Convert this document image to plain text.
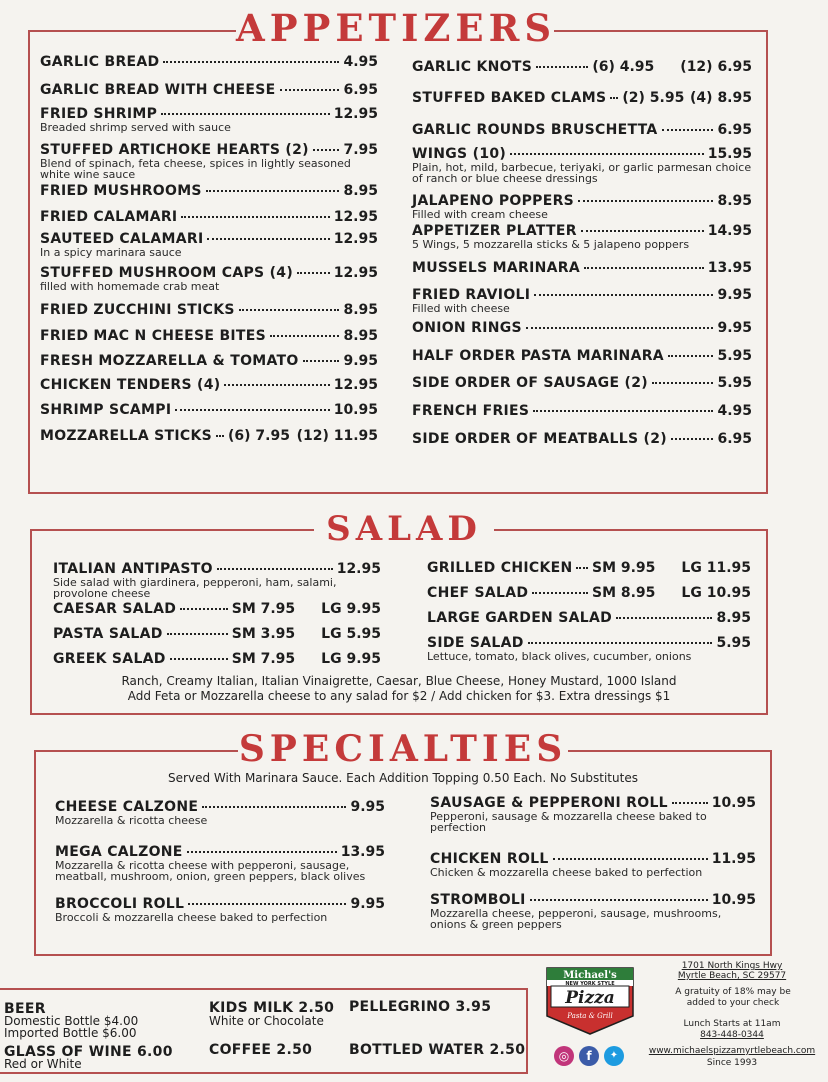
APPETIZERS
GARLIC BREAD	4.95
GARLIC BREAD WITH CHEESE	6.95
FRIED SHRIMP	12.95
Breaded shrimp served with sauce
STUFFED ARTICHOKE HEARTS (2) 7.95
Blend of spinach, feta cheese, spices in lightly seasoned white wine sauce
FRIED MUSHROOMS	8.95
FRIED CALAMARI	12.95
SAUTEED CALAMARI	12.95
In a spicy marinara sauce
STUFFED MUSHROOM CAPS (4)	12.95
filled with homemade crab meat
FRIED ZUCCHINI STICKS	8.95
FRIED MAC N CHEESE BITES	8.95
FRESH MOZZARELLA & TOMATO	9.95
CHICKEN TENDERS (4)	12.95
SHRIMP SCAMPI	10.95
MOZZARELLA STICKS (6) 7.95 (12) 11.95
GARLIC KNOTS	(6) 4.95 (12) 6.95
STUFFED BAKED CLAMS (2) 5.95 (4) 8.95
GARLIC ROUNDS BRUSCHETTA	6.95
WINGS (10)	15.95
Plain, hot, mild, barbecue, teriyaki, or garlic parmesan choice of ranch or blue cheese dressings
JALAPENO POPPERS	8.95
Filled with cream cheese
APPETIZER PLATTER	14.95
5 Wings, 5 mozzarella sticks & 5 jalapeno poppers
MUSSELS MARINARA	13.95
FRIED RAVIOLI	9.95
Filled with cheese
ONION RINGS	9.95
HALF ORDER PASTA MARINARA	5.95
SIDE ORDER OF SAUSAGE (2)	5.95
FRENCH FRIES	4.95
SIDE ORDER OF MEATBALLS (2)	6.95
SALAD
ITALIAN ANTIPASTO	12.95
Side salad with giardinera, pepperoni, ham, salami, provolone cheese
CAESAR SALAD	SM 7.95 LG 9.95
PASTA SALAD	SM 3.95 LG 5.95
GREEK SALAD	SM 7.95 LG 9.95
GRILLED CHICKEN SM 9.95 LG 11.95
CHEF SALAD	SM 8.95 LG 10.95
LARGE GARDEN SALAD	8.95
SIDE SALAD	5.95
Lettuce, tomato, black olives, cucumber, onions
Ranch, Creamy Italian, Italian Vinaigrette, Caesar, Blue Cheese, Honey Mustard, 1000 Island
Add Feta or Mozzarella cheese to any salad for $2 / Add chicken for $3. Extra dressings $1
SPECIALTIES
Served With Marinara Sauce. Each Addition Topping 0.50 Each. No Substitutes
CHEESE CALZONE	9.95
Mozzarella & ricotta cheese
MEGA CALZONE	13.95
Mozzarella & ricotta cheese with pepperoni, sausage, meatball, mushroom, onion, green peppers, black olives
BROCCOLI ROLL	9.95
Broccoli & mozzarella cheese baked to perfection
SAUSAGE & PEPPERONI ROLL	10.95
Pepperoni, sausage & mozzarella cheese baked to perfection
CHICKEN ROLL	11.95
Chicken & mozzarella cheese baked to perfection
STROMBOLI	10.95
Mozzarella cheese, pepperoni, sausage, mushrooms, onions & green peppers
BEER
Domestic Bottle $4.00
Imported Bottle $6.00
GLASS OF WINE 6.00
Red or White
KIDS MILK 2.50
White or Chocolate
COFFEE 2.50
PELLEGRINO 3.95
BOTTLED WATER 2.50
Michael's
NEW YORK STYLE
Pizza
Pasta & Grill
◎	f	✦
1701 North Kings Hwy
Myrtle Beach, SC 29577
A gratuity of 18% may be added to your check
Lunch Starts at 11am
843-448-0344
www.michaelspizzamyrtlebeach.com
Since 1993
